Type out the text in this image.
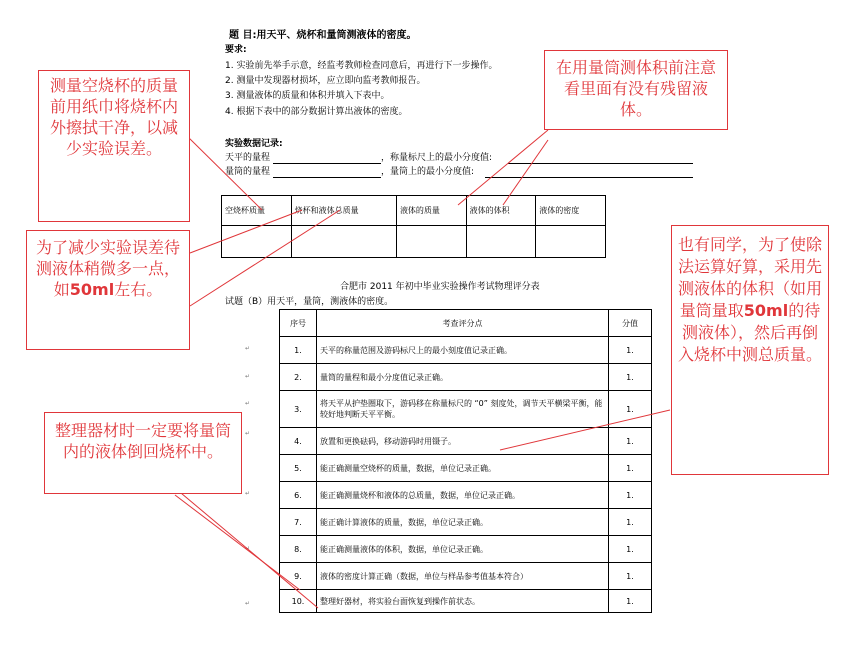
题 目:用天平、烧杯和量筒测液体的密度。
要求:
1. 实验前先举手示意，经监考教师检查同意后，再进行下一步操作。
2. 测量中发现器材损坏，应立即向监考教师报告。
3. 测量液体的质量和体积并填入下表中。
4. 根据下表中的部分数据计算出液体的密度。
实验数据记录:
天平的量程	，称量标尺上的最小分度值:
量筒的量程	，量筒上的最小分度值:
空烧杯质量	烧杯和液体总质量	液体的质量	液体的体积	液体的密度

合肥市 2011 年初中毕业实验操作考试物理评分表
试题（B）用天平，量筒，测液体的密度。
序号	考查评分点	分值
1.	天平的称量范围及游码标尺上的最小刻度值记录正确。	1.
2.	量筒的量程和最小分度值记录正确。	1.
3.	将天平从护垫圈取下，游码移在称量标尺的 “0” 刻度处，调节天平横梁平衡，能较好地判断天平平衡。	1.
4.	放置和更换砝码，移动游码时用镊子。	1.
5.	能正确测量空烧杯的质量，数据，单位记录正确。	1.
6.	能正确测量烧杯和液体的总质量，数据，单位记录正确。	1.
7.	能正确计算液体的质量，数据，单位记录正确。	1.
8.	能正确测量液体的体积，数据，单位记录正确。	1.
9.	液体的密度计算正确（数据，单位与样品参考值基本符合）	1.
10.	整理好器材，将实验台面恢复到操作前状态。	1.
↵
↵
↵
↵
↵
↵
↵
测量空烧杯的质量前用纸巾将烧杯内外擦拭干净，以减少实验误差。
在用量筒测体积前注意看里面有没有残留液体。
为了减少实验误差待测液体稍微多一点，如50ml左右。
也有同学，为了使除法运算好算，采用先测液体的体积（如用量筒量取50ml的待测液体），然后再倒入烧杯中测总质量。
整理器材时一定要将量筒内的液体倒回烧杯中。
